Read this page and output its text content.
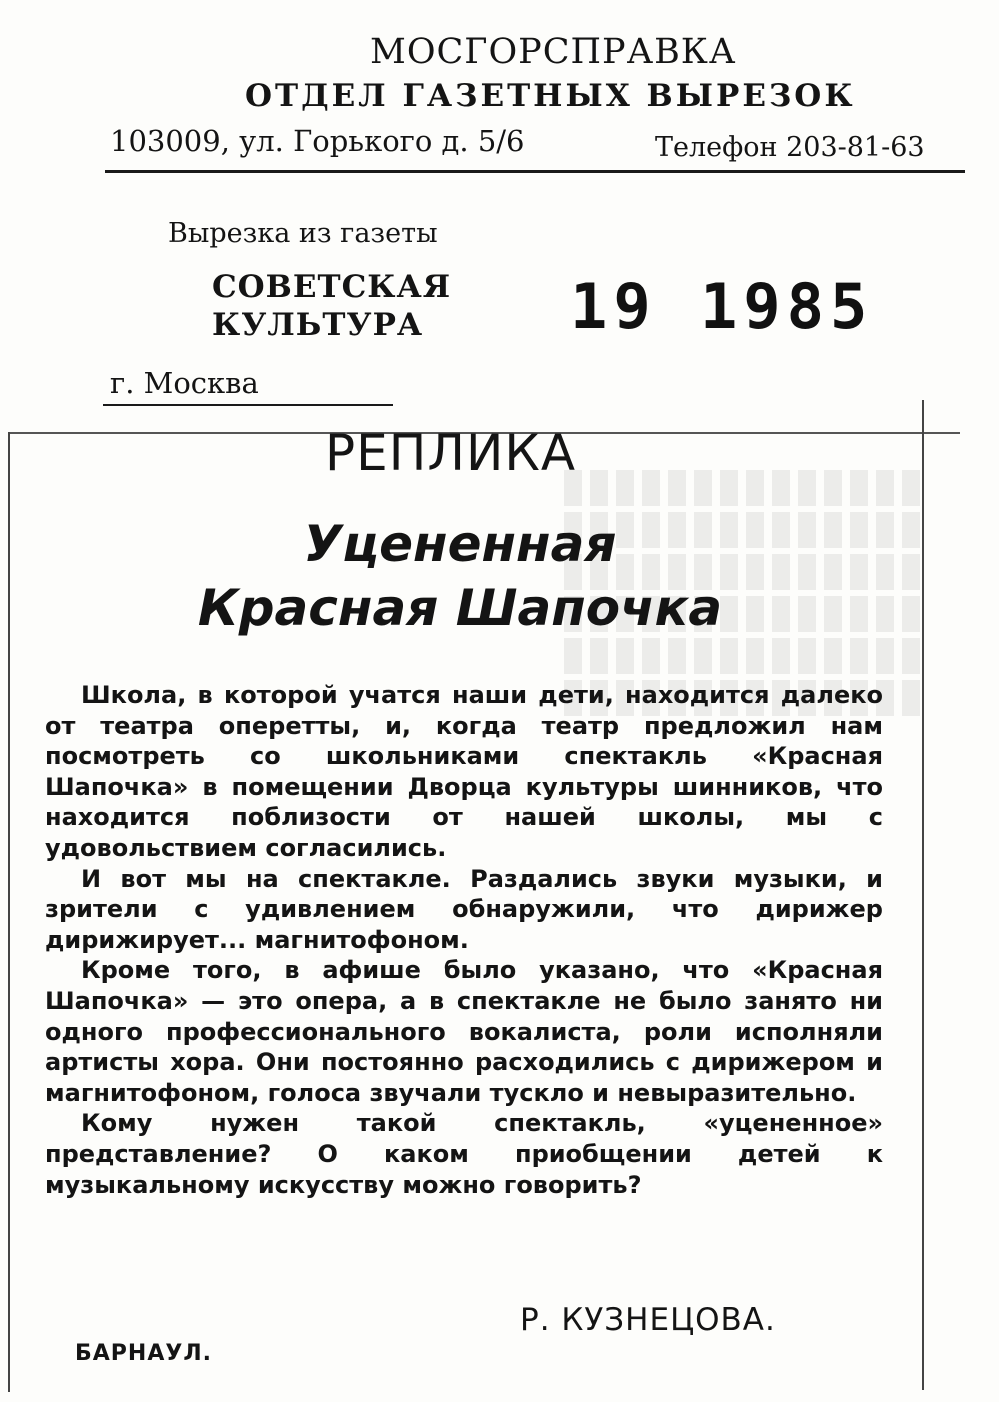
МОСГОРСПРАВКА
ОТДЕЛ ГАЗЕТНЫХ ВЫРЕЗОК
103009, ул. Горького д. 5/6	Телефон 203-81-63
Вырезка из газеты
СОВЕТСКАЯ
КУЛЬТУРА	19 1985
г. Москва
РЕПЛИКА
Уцененная
Красная Шапочка

Школа, в которой учатся наши дети, находится далеко от театра оперетты, и, когда театр предложил нам посмотреть со школьниками спектакль «Красная Шапочка» в помещении Дворца культуры шинников, что находится поблизости от нашей школы, мы с удовольствием согласились.

И вот мы на спектакле. Раздались звуки музыки, и зрители с удивлением обнаружили, что дирижер дирижирует... магнитофоном.

Кроме того, в афише было указано, что «Красная Шапочка» — это опера, а в спектакле не было занято ни одного профессионального вокалиста, роли исполняли артисты хора. Они постоянно расходились с дирижером и магнитофоном, голоса звучали тускло и невыразительно.

Кому нужен такой спектакль, «уцененное» представление? О каком приобщении детей к музыкальному искусству можно говорить?

Р. КУЗНЕЦОВА.
БАРНАУЛ.
